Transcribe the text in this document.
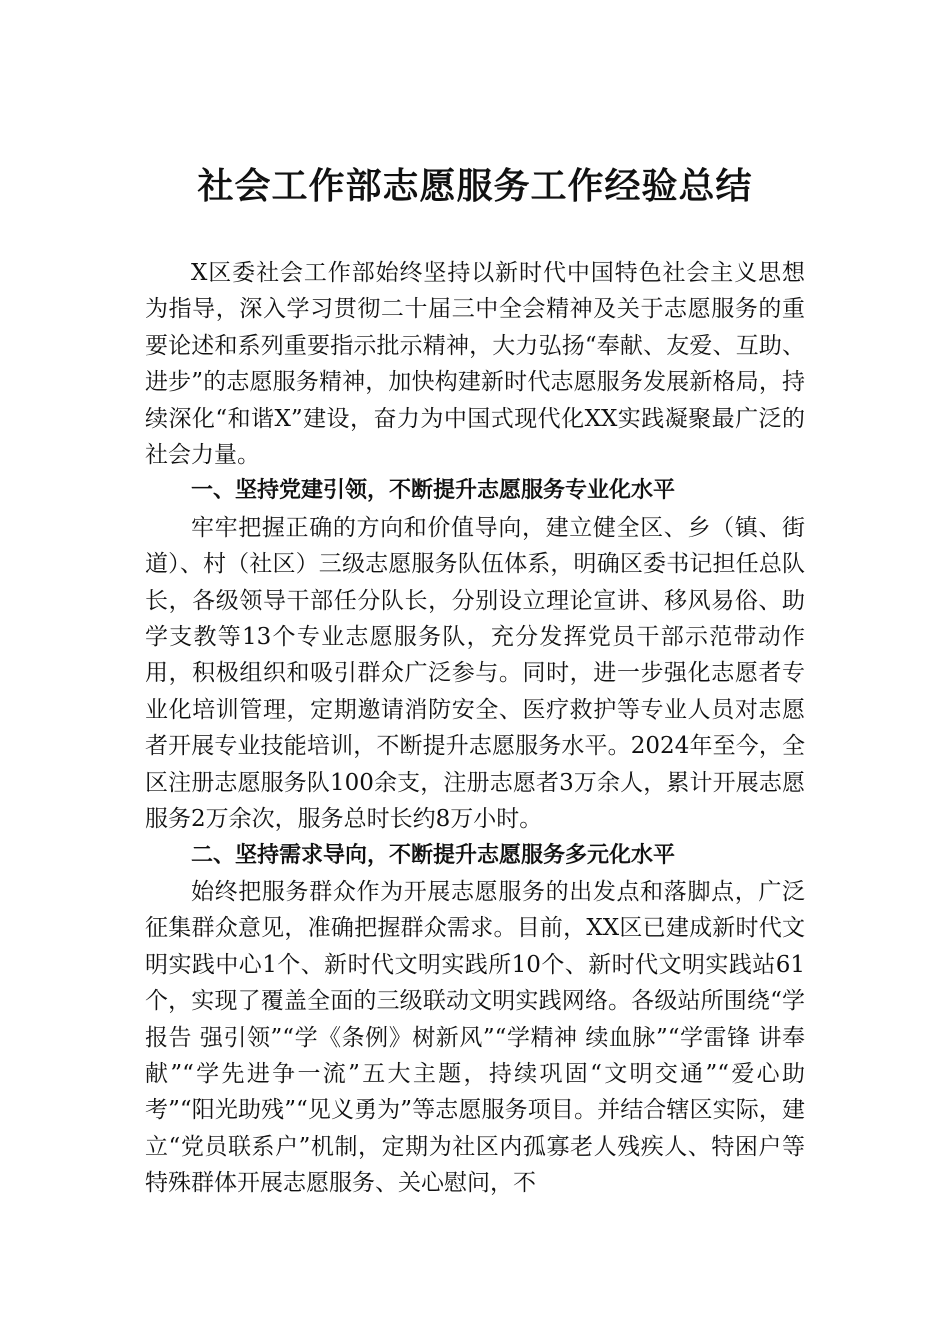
社会工作部志愿服务工作经验总结

X区委社会工作部始终坚持以新时代中国特色社会主义思想为指导，深入学习贯彻二十届三中全会精神及关于志愿服务的重要论述和系列重要指示批示精神，大力弘扬“奉献、友爱、互助、进步”的志愿服务精神，加快构建新时代志愿服务发展新格局，持续深化“和谐X”建设，奋力为中国式现代化XX实践凝聚最广泛的社会力量。

一、坚持党建引领，不断提升志愿服务专业化水平

牢牢把握正确的方向和价值导向，建立健全区、乡（镇、街道）、村（社区）三级志愿服务队伍体系，明确区委书记担任总队长，各级领导干部任分队长，分别设立理论宣讲、移风易俗、助学支教等13个专业志愿服务队，充分发挥党员干部示范带动作用，积极组织和吸引群众广泛参与。同时，进一步强化志愿者专业化培训管理，定期邀请消防安全、医疗救护等专业人员对志愿者开展专业技能培训，不断提升志愿服务水平。2024年至今，全区注册志愿服务队100余支，注册志愿者3万余人，累计开展志愿服务2万余次，服务总时长约8万小时。

二、坚持需求导向，不断提升志愿服务多元化水平

始终把服务群众作为开展志愿服务的出发点和落脚点，广泛征集群众意见，准确把握群众需求。目前，XX区已建成新时代文明实践中心1个、新时代文明实践所10个、新时代文明实践站61个，实现了覆盖全面的三级联动文明实践网络。各级站所围绕“学报告 强引领”“学《条例》树新风”“学精神 续血脉”“学雷锋 讲奉献”“学先进争一流”五大主题，持续巩固“文明交通”“爱心助考”“阳光助残”“见义勇为”等志愿服务项目。并结合辖区实际，建立“党员联系户”机制，定期为社区内孤寡老人残疾人、特困户等特殊群体开展志愿服务、关心慰问，不
